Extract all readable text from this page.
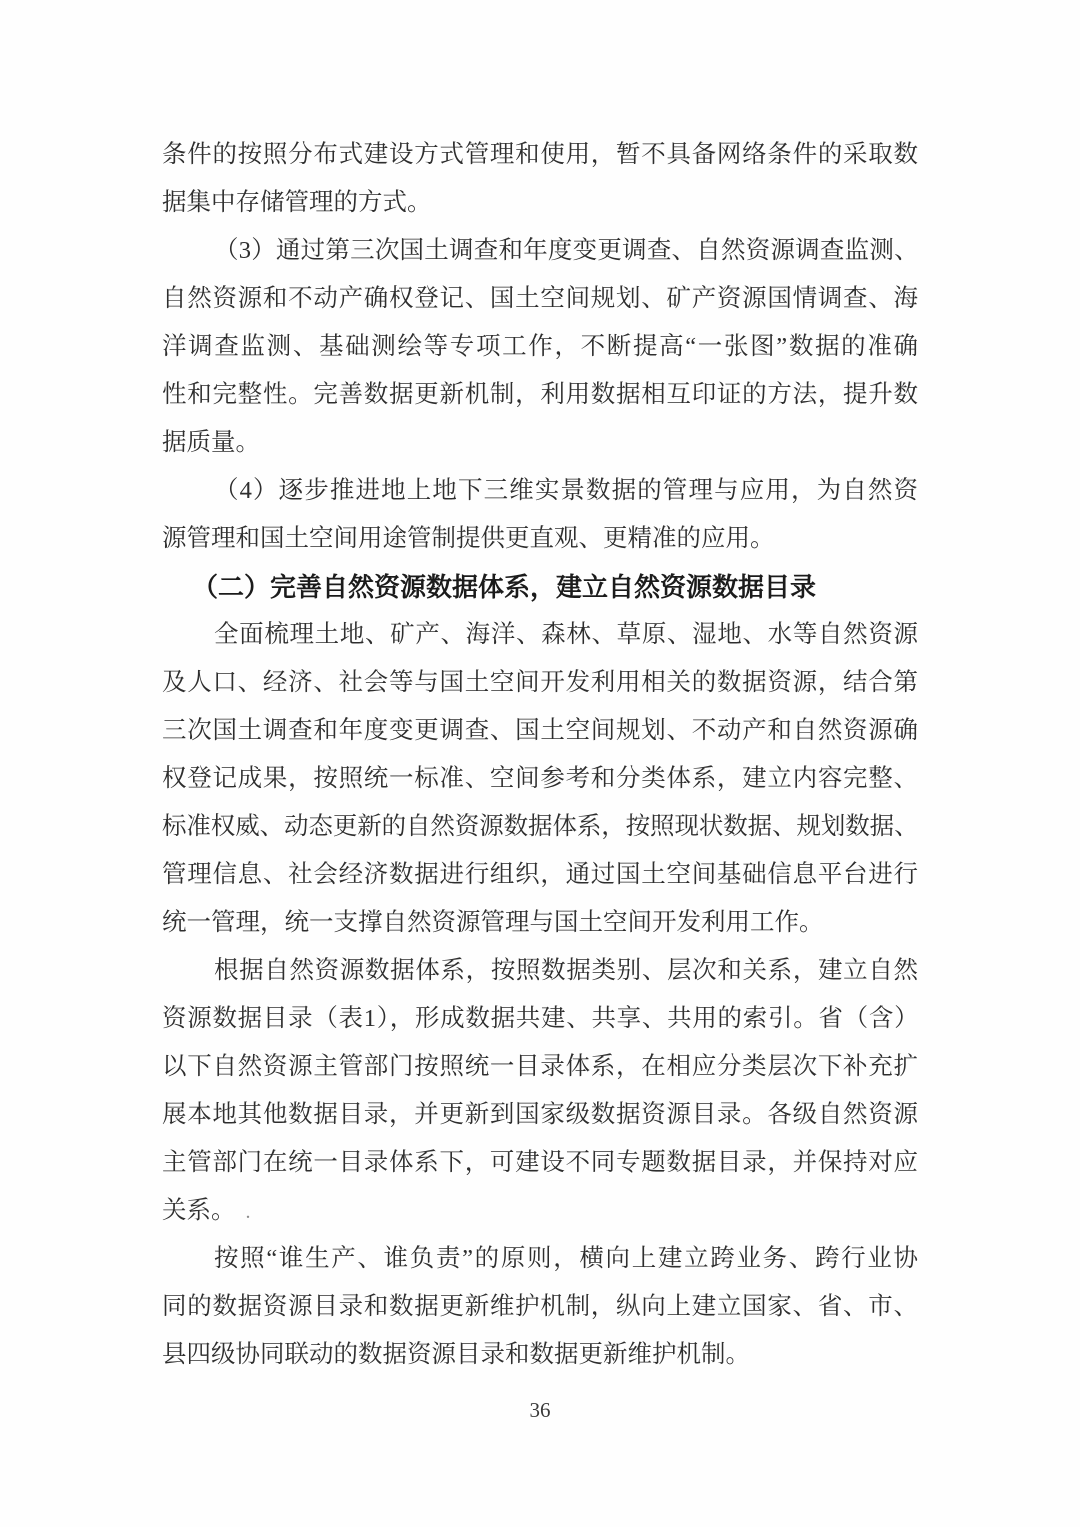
条件的按照分布式建设方式管理和使用，暂不具备网络条件的采取数
据集中存储管理的方式。
（3）通过第三次国土调查和年度变更调查、自然资源调查监测、
自然资源和不动产确权登记、国土空间规划、矿产资源国情调查、海
洋调查监测、基础测绘等专项工作，不断提高“一张图”数据的准确
性和完整性。完善数据更新机制，利用数据相互印证的方法，提升数
据质量。
（4）逐步推进地上地下三维实景数据的管理与应用，为自然资
源管理和国土空间用途管制提供更直观、更精准的应用。
（二）完善自然资源数据体系，建立自然资源数据目录
全面梳理土地、矿产、海洋、森林、草原、湿地、水等自然资源
及人口、经济、社会等与国土空间开发利用相关的数据资源，结合第
三次国土调查和年度变更调查、国土空间规划、不动产和自然资源确
权登记成果，按照统一标准、空间参考和分类体系，建立内容完整、
标准权威、动态更新的自然资源数据体系，按照现状数据、规划数据、
管理信息、社会经济数据进行组织，通过国土空间基础信息平台进行
统一管理，统一支撑自然资源管理与国土空间开发利用工作。
根据自然资源数据体系，按照数据类别、层次和关系，建立自然
资源数据目录（表1），形成数据共建、共享、共用的索引。省（含）
以下自然资源主管部门按照统一目录体系，在相应分类层次下补充扩
展本地其他数据目录，并更新到国家级数据资源目录。各级自然资源
主管部门在统一目录体系下，可建设不同专题数据目录，并保持对应
关系。 .
按照“谁生产、谁负责”的原则，横向上建立跨业务、跨行业协
同的数据资源目录和数据更新维护机制，纵向上建立国家、省、市、
县四级协同联动的数据资源目录和数据更新维护机制。
36
